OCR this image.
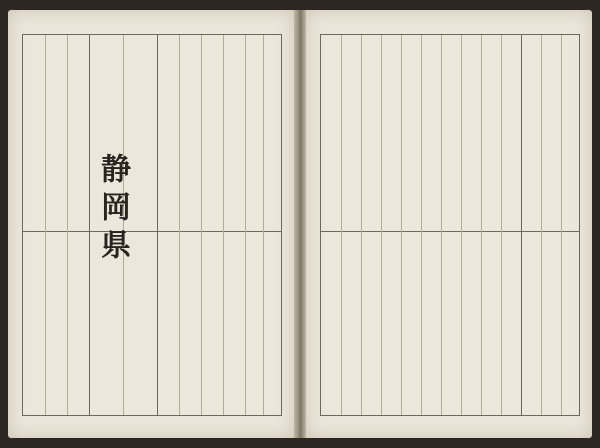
静岡県
